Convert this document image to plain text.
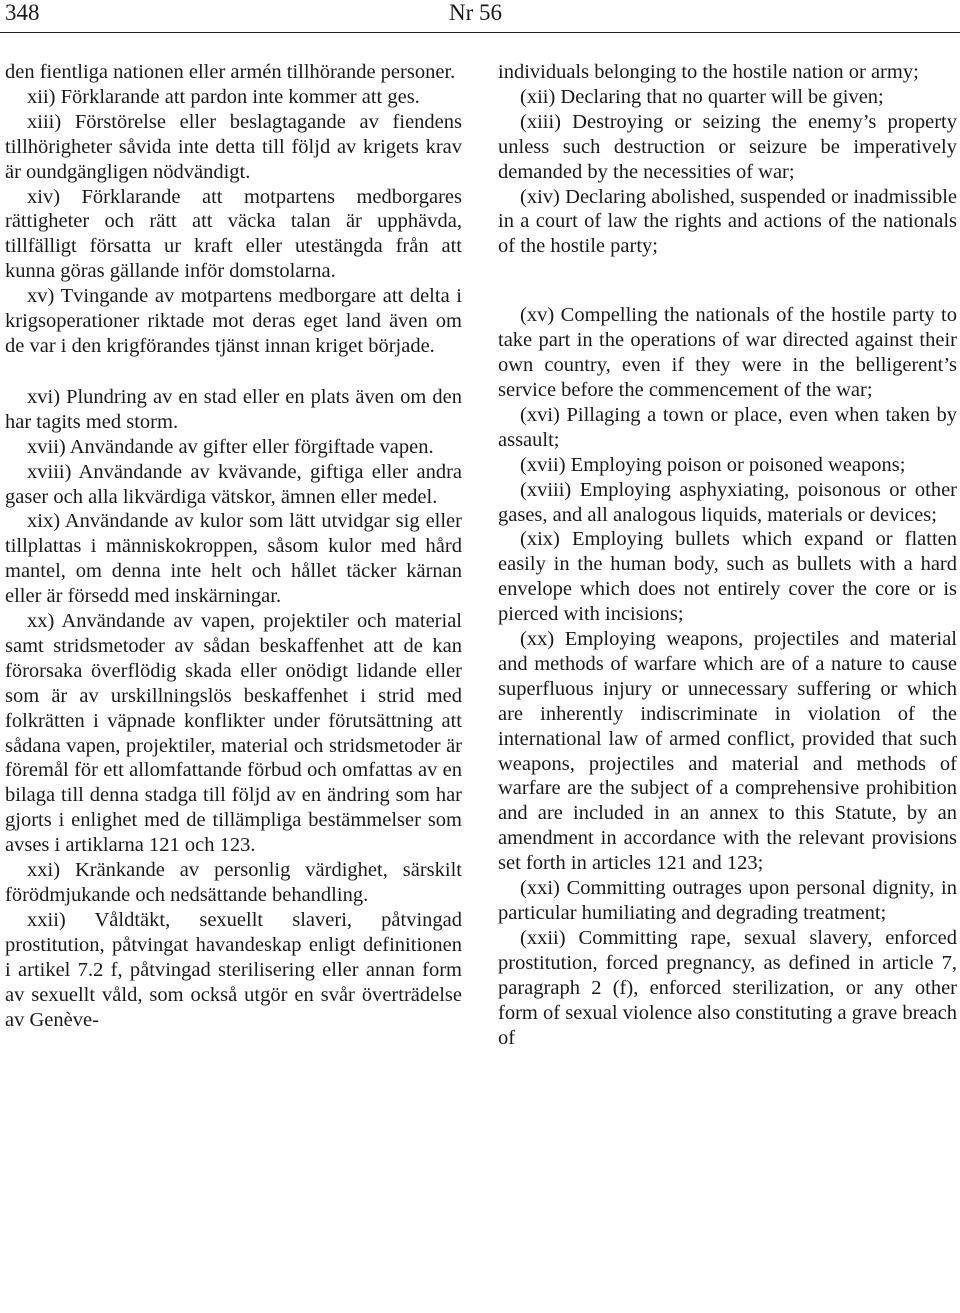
348	Nr 56

den fientliga nationen eller armén tillhörande personer.

xii) Förklarande att pardon inte kommer att ges.

xiii) Förstörelse eller beslagtagande av fiendens tillhörigheter såvida inte detta till följd av krigets krav är oundgängligen nödvändigt.

xiv) Förklarande att motpartens medborgares rättigheter och rätt att väcka talan är upphävda, tillfälligt försatta ur kraft eller utestängda från att kunna göras gällande inför domstolarna.

xv) Tvingande av motpartens medborgare att delta i krigsoperationer riktade mot deras eget land även om de var i den krigförandes tjänst innan kriget började.

xvi) Plundring av en stad eller en plats även om den har tagits med storm.

xvii) Användande av gifter eller förgiftade vapen.

xviii) Användande av kvävande, giftiga eller andra gaser och alla likvärdiga vätskor, ämnen eller medel.

xix) Användande av kulor som lätt utvidgar sig eller tillplattas i människokroppen, såsom kulor med hård mantel, om denna inte helt och hållet täcker kärnan eller är försedd med inskärningar.

xx) Användande av vapen, projektiler och material samt stridsmetoder av sådan beskaffenhet att de kan förorsaka överflödig skada eller onödigt lidande eller som är av urskillningslös beskaffenhet i strid med folkrätten i väpnade konflikter under förutsättning att sådana vapen, projektiler, material och stridsmetoder är föremål för ett allomfattande förbud och omfattas av en bilaga till denna stadga till följd av en ändring som har gjorts i enlighet med de tillämpliga bestämmelser som avses i artiklarna 121 och 123.

xxi) Kränkande av personlig värdighet, särskilt förödmjukande och nedsättande behandling.

xxii) Våldtäkt, sexuellt slaveri, påtvingad prostitution, påtvingat havandeskap enligt definitionen i artikel 7.2 f, påtvingad sterilisering eller annan form av sexuellt våld, som också utgör en svår överträdelse av Genève-

individuals belonging to the hostile nation or army;

(xii) Declaring that no quarter will be given;

(xiii) Destroying or seizing the enemy’s property unless such destruction or seizure be imperatively demanded by the necessities of war;

(xiv) Declaring abolished, suspended or inadmissible in a court of law the rights and actions of the nationals of the hostile party;

(xv) Compelling the nationals of the hostile party to take part in the operations of war directed against their own country, even if they were in the belligerent’s service before the commencement of the war;

(xvi) Pillaging a town or place, even when taken by assault;

(xvii) Employing poison or poisoned weapons;

(xviii) Employing asphyxiating, poisonous or other gases, and all analogous liquids, materials or devices;

(xix) Employing bullets which expand or flatten easily in the human body, such as bullets with a hard envelope which does not entirely cover the core or is pierced with incisions;

(xx) Employing weapons, projectiles and material and methods of warfare which are of a nature to cause superfluous injury or unnecessary suffering or which are inherently indiscriminate in violation of the international law of armed conflict, provided that such weapons, projectiles and material and methods of warfare are the subject of a comprehensive prohibition and are included in an annex to this Statute, by an amendment in accordance with the relevant provisions set forth in articles 121 and 123;

(xxi) Committing outrages upon personal dignity, in particular humiliating and degrading treatment;

(xxii) Committing rape, sexual slavery, enforced prostitution, forced pregnancy, as defined in article 7, paragraph 2 (f), enforced sterilization, or any other form of sexual violence also constituting a grave breach of
